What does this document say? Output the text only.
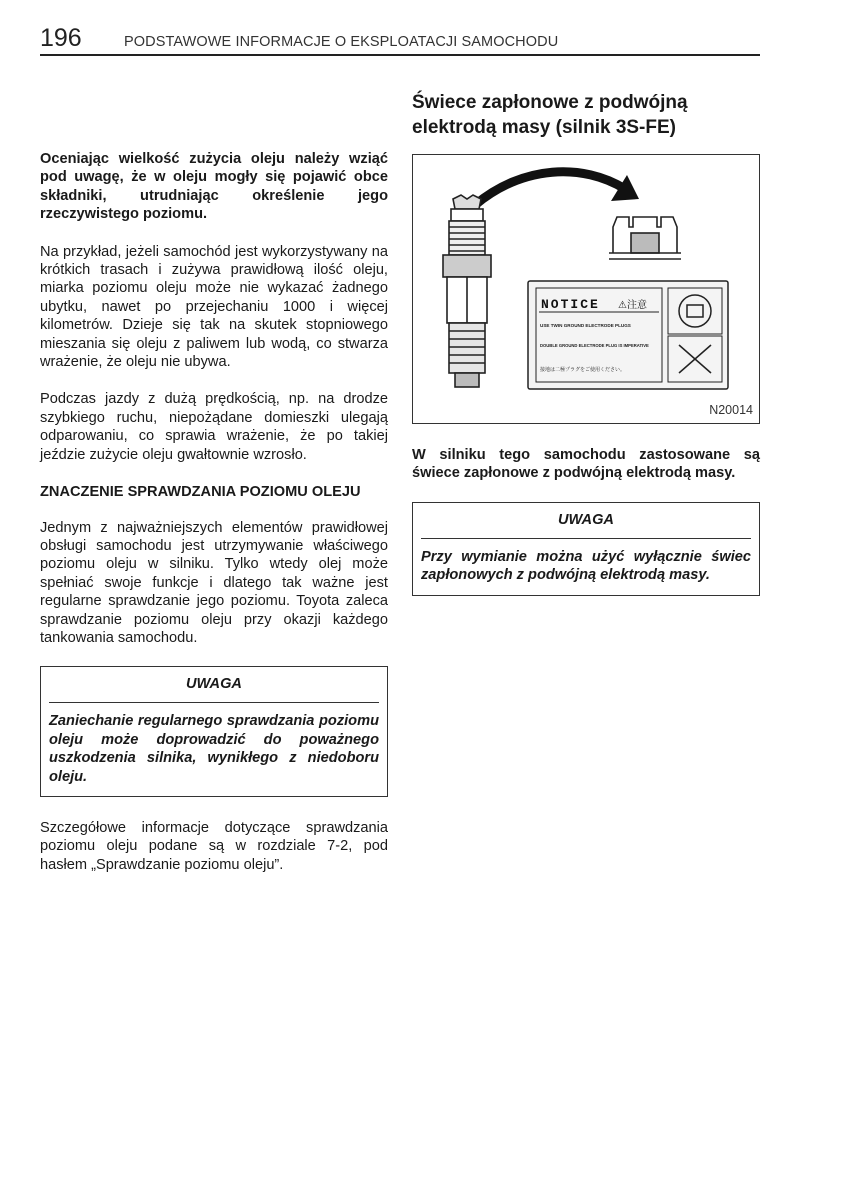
196	PODSTAWOWE INFORMACJE O EKSPLOATACJI SAMOCHODU

Oceniając wielkość zużycia oleju należy wziąć pod uwagę, że w oleju mogły się pojawić obce składniki, utrudniając określenie jego rzeczywistego poziomu.

Na przykład, jeżeli samochód jest wykorzystywany na krótkich trasach i zużywa prawidłową ilość oleju, miarka poziomu oleju może nie wykazać żadnego ubytku, nawet po przejechaniu 1000 i więcej kilometrów. Dzieje się tak na skutek stopniowego mieszania się oleju z paliwem lub wodą, co stwarza wrażenie, że oleju nie ubywa.

Podczas jazdy z dużą prędkością, np. na drodze szybkiego ruchu, niepożądane domieszki ulegają odparowaniu, co sprawia wrażenie, że po takiej jeździe zużycie oleju gwałtownie wzrosło.

ZNACZENIE SPRAWDZANIA POZIOMU OLEJU

Jednym z najważniejszych elementów prawidłowej obsługi samochodu jest utrzymywanie właściwego poziomu oleju w silniku. Tylko wtedy olej może spełniać swoje funkcje i dlatego tak ważne jest regularne sprawdzanie jego poziomu. Toyota zaleca sprawdzanie poziomu oleju przy okazji każdego tankowania samochodu.

UWAGA
Zaniechanie regularnego sprawdzania poziomu oleju może doprowadzić do poważnego uszkodzenia silnika, wynikłego z niedoboru oleju.

Szczegółowe informacje dotyczące sprawdzania poziomu oleju podane są w rozdziale 7-2, pod hasłem „Sprawdzanie poziomu oleju”.

Świece zapłonowe z podwójną elektrodą masy (silnik 3S-FE)
NOTICE ⚠注意
USE TWIN GROUND ELECTRODE PLUGS
DOUBLE GROUND ELECTRODE PLUG IS IMPERATIVE
接地は二極プラグをご使用ください。
N20014

W silniku tego samochodu zastosowane są świece zapłonowe z podwójną elektrodą masy.

UWAGA
Przy wymianie można użyć wyłącznie świec zapłonowych z podwójną elektrodą masy.
